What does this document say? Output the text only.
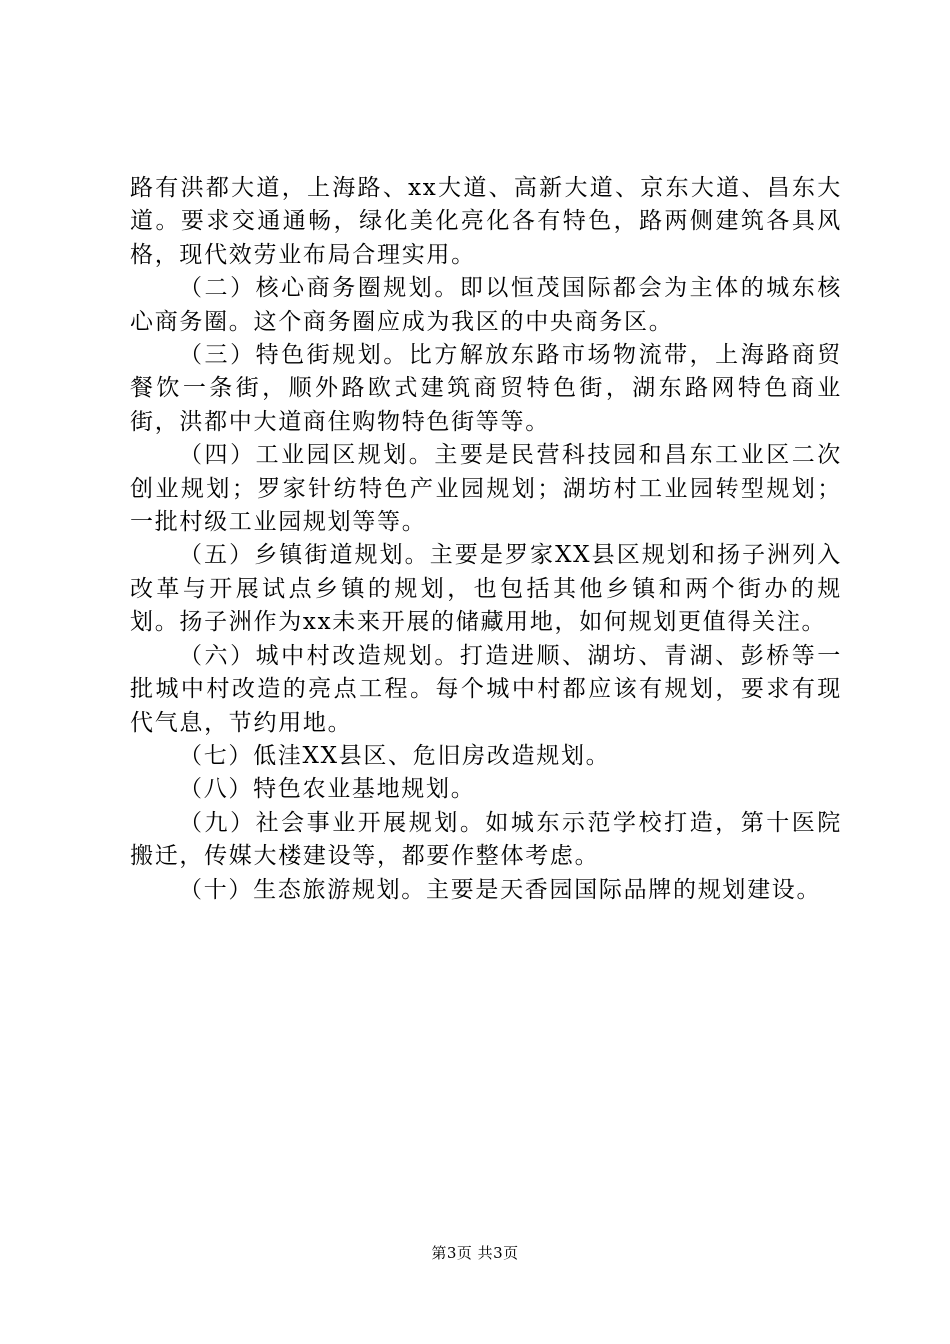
路有洪都大道，上海路、xx大道、高新大道、京东大道、昌东大道。要求交通通畅，绿化美化亮化各有特色，路两侧建筑各具风格，现代效劳业布局合理实用。

（二）核心商务圈规划。即以恒茂国际都会为主体的城东核心商务圈。这个商务圈应成为我区的中央商务区。

（三）特色街规划。比方解放东路市场物流带，上海路商贸餐饮一条街，顺外路欧式建筑商贸特色街，湖东路网特色商业街，洪都中大道商住购物特色街等等。

（四）工业园区规划。主要是民营科技园和昌东工业区二次创业规划；罗家针纺特色产业园规划；湖坊村工业园转型规划；一批村级工业园规划等等。

（五）乡镇街道规划。主要是罗家XX县区规划和扬子洲列入改革与开展试点乡镇的规划，也包括其他乡镇和两个街办的规划。扬子洲作为xx未来开展的储藏用地，如何规划更值得关注。

（六）城中村改造规划。打造进顺、湖坊、青湖、彭桥等一批城中村改造的亮点工程。每个城中村都应该有规划，要求有现代气息，节约用地。

（七）低洼XX县区、危旧房改造规划。

（八）特色农业基地规划。

（九）社会事业开展规划。如城东示范学校打造，第十医院搬迁，传媒大楼建设等，都要作整体考虑。

（十）生态旅游规划。主要是天香园国际品牌的规划建设。

第3页 共3页
